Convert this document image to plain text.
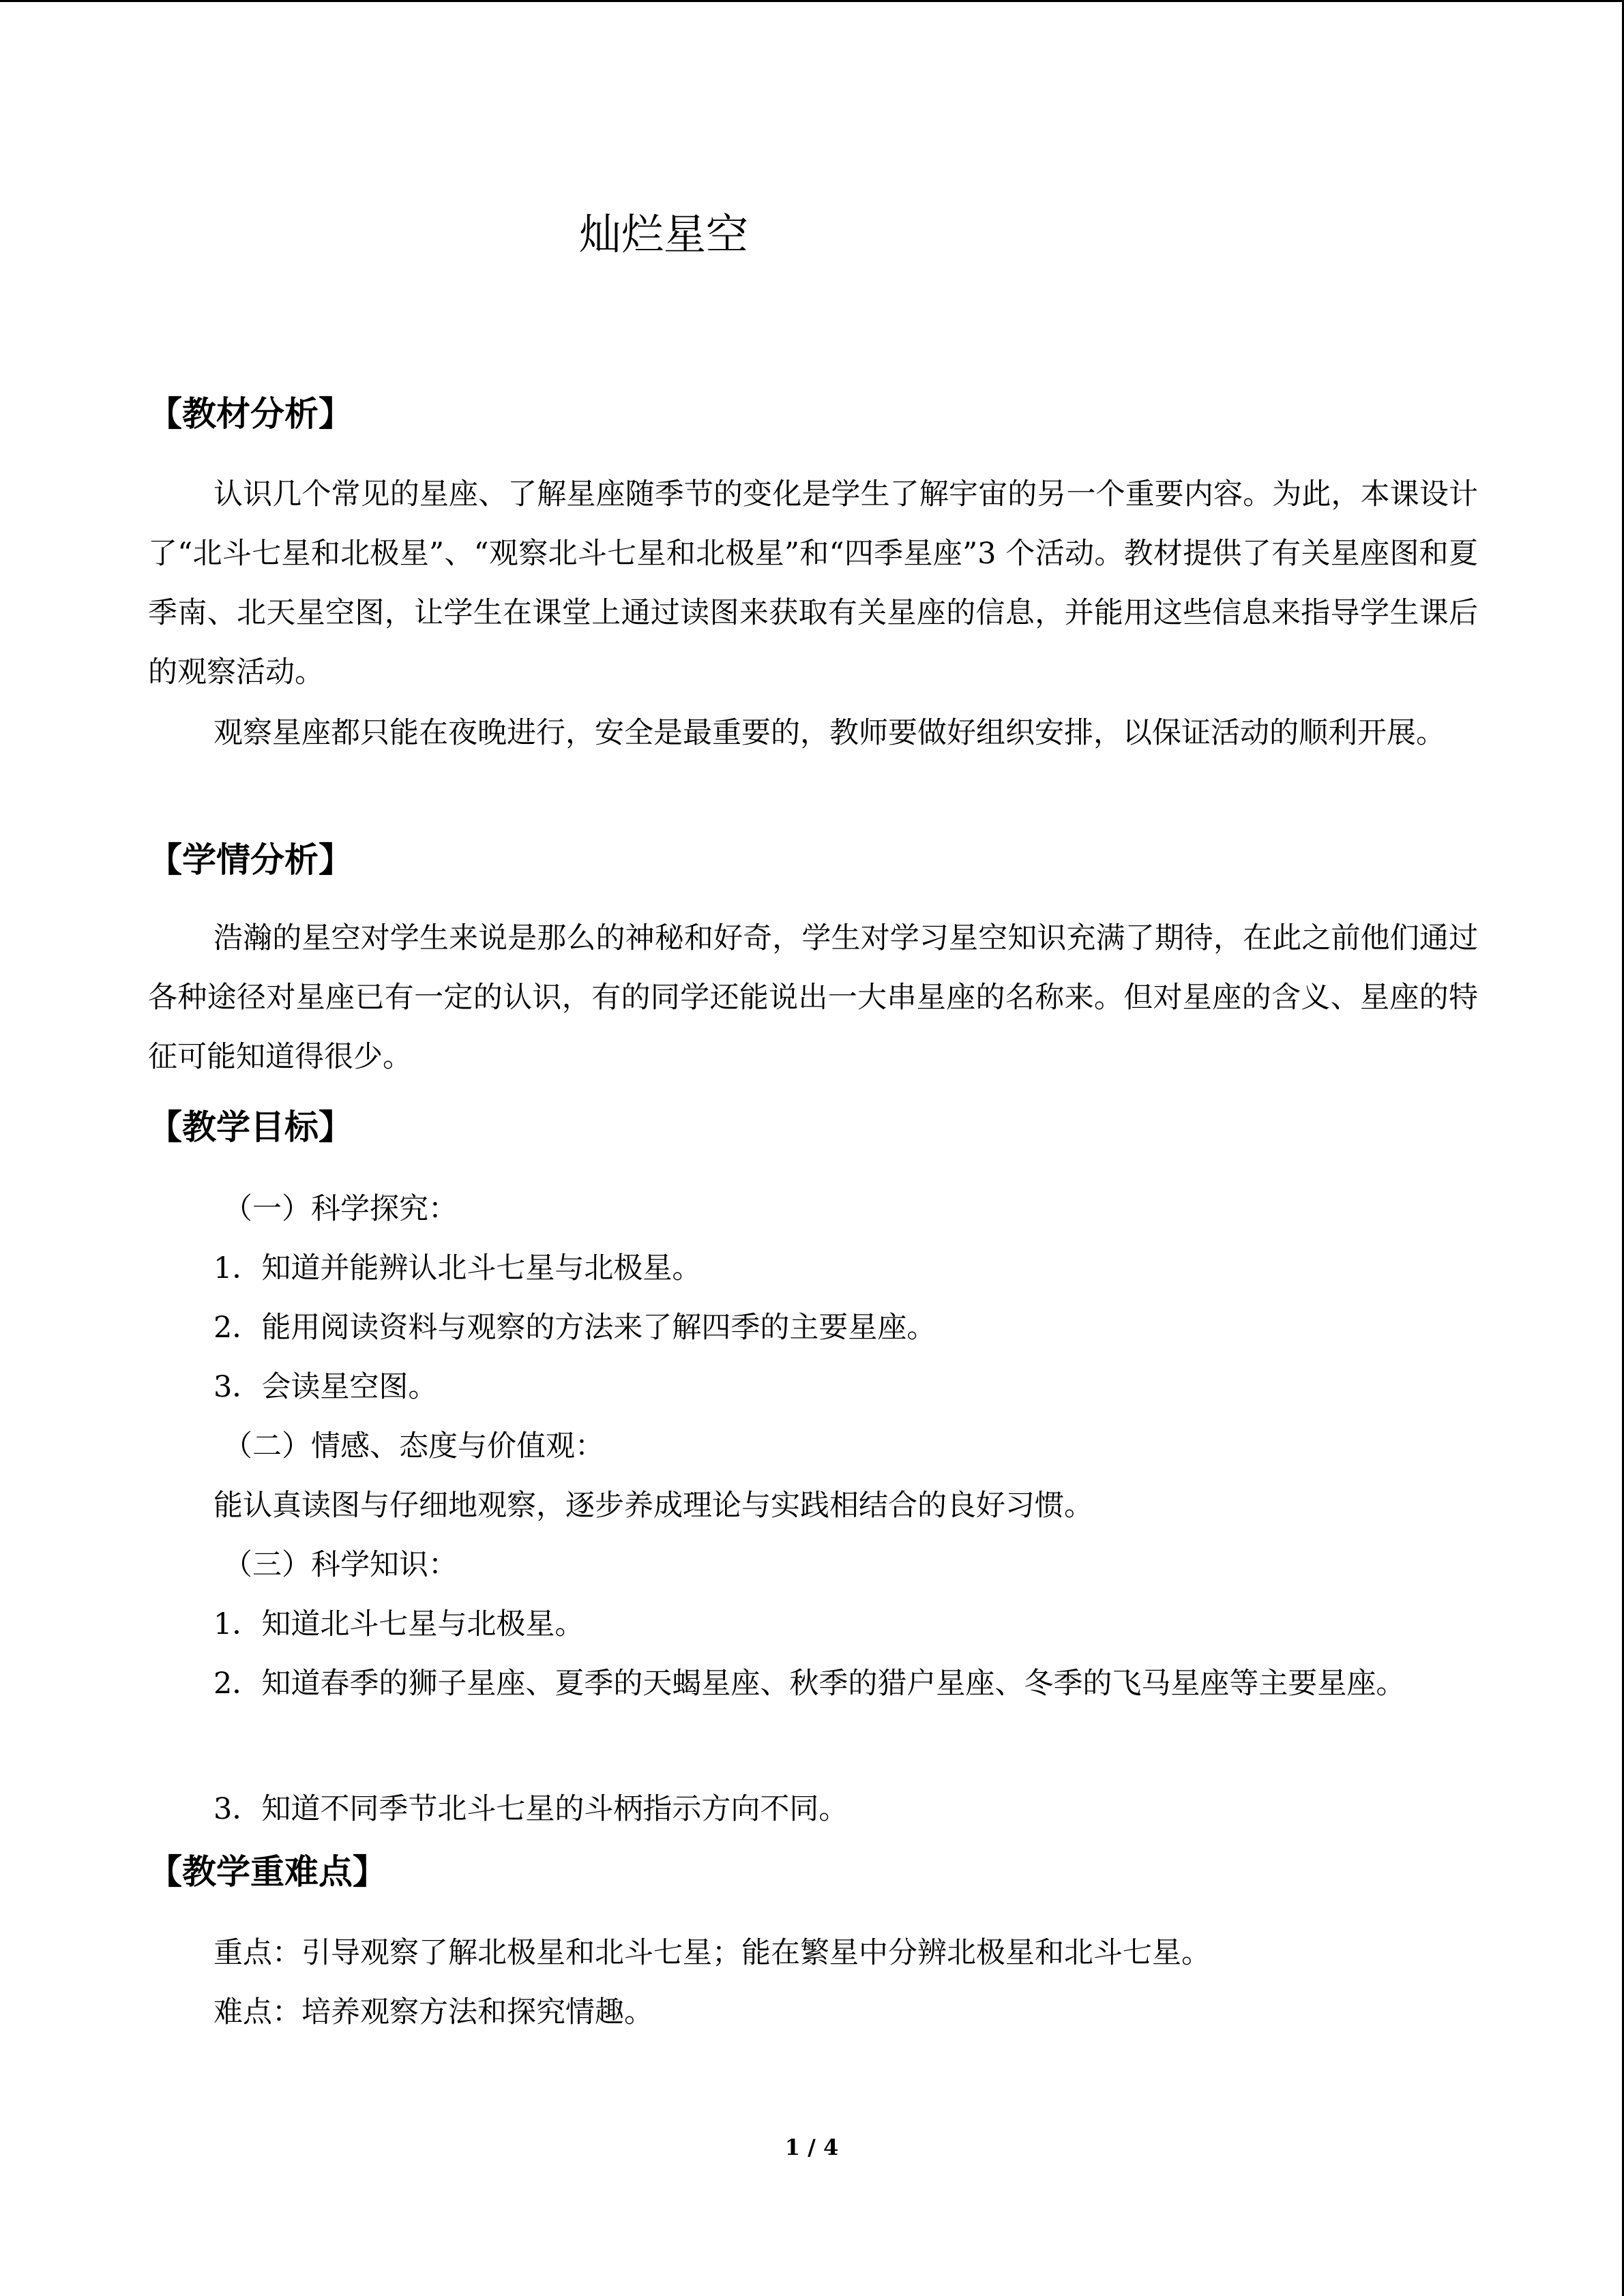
灿烂星空
【教材分析】
认识几个常见的星座、了解星座随季节的变化是学生了解宇宙的另一个重要内容。为此，本课设计了“北斗七星和北极星”、“观察北斗七星和北极星”和“四季星座”3 个活动。教材提供了有关星座图和夏季南、北天星空图，让学生在课堂上通过读图来获取有关星座的信息，并能用这些信息来指导学生课后的观察活动。
观察星座都只能在夜晚进行，安全是最重要的，教师要做好组织安排，以保证活动的顺利开展。
【学情分析】
浩瀚的星空对学生来说是那么的神秘和好奇，学生对学习星空知识充满了期待，在此之前他们通过各种途径对星座已有一定的认识，有的同学还能说出一大串星座的名称来。但对星座的含义、星座的特征可能知道得很少。
【教学目标】
（一）科学探究：
1．知道并能辨认北斗七星与北极星。
2．能用阅读资料与观察的方法来了解四季的主要星座。
3．会读星空图。
（二）情感、态度与价值观：
能认真读图与仔细地观察，逐步养成理论与实践相结合的良好习惯。
（三）科学知识：
1．知道北斗七星与北极星。
2．知道春季的狮子星座、夏季的天蝎星座、秋季的猎户星座、冬季的飞马星座等主要星座。
3．知道不同季节北斗七星的斗柄指示方向不同。
【教学重难点】
重点：引导观察了解北极星和北斗七星；能在繁星中分辨北极星和北斗七星。
难点：培养观察方法和探究情趣。
1 / 4
